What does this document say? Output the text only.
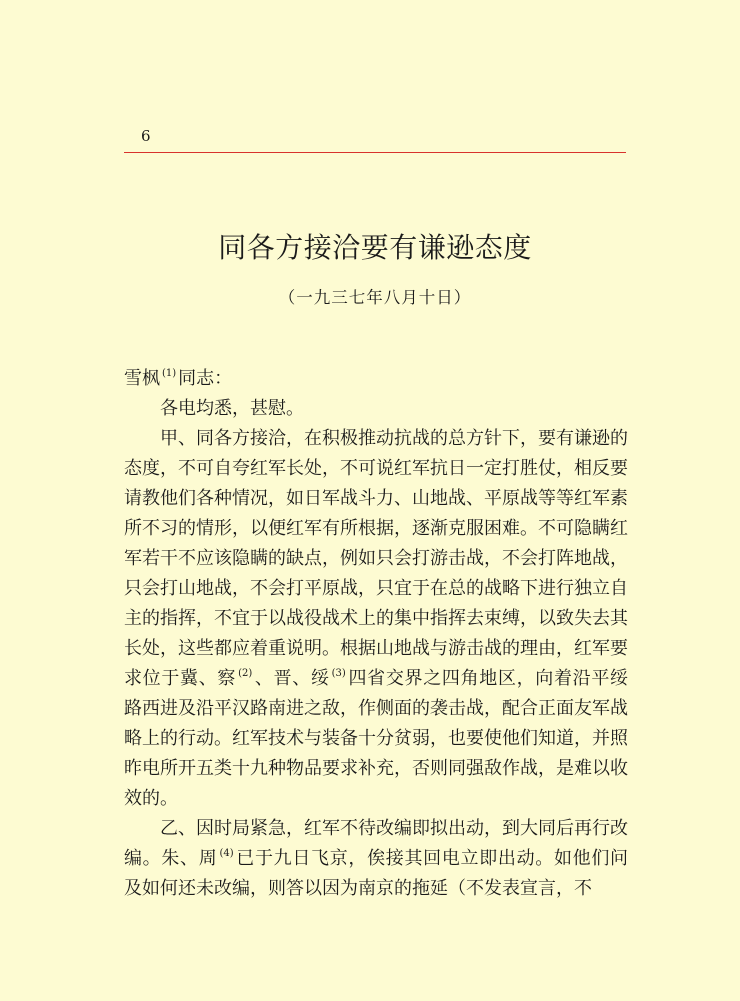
6
同各方接洽要有谦逊态度
（一九三七年八月十日）

雪枫 $^{(1)}$ 同志：

各电均悉，甚慰。

甲、同各方接洽，在积极推动抗战的总方针下，要有谦逊的态度，不可自夸红军长处，不可说红军抗日一定打胜仗，相反要请教他们各种情况，如日军战斗力、山地战、平原战等等红军素所不习的情形，以便红军有所根据，逐渐克服困难。不可隐瞒红军若干不应该隐瞒的缺点，例如只会打游击战，不会打阵地战，只会打山地战，不会打平原战，只宜于在总的战略下进行独立自主的指挥，不宜于以战役战术上的集中指挥去束缚，以致失去其长处，这些都应着重说明。根据山地战与游击战的理由，红军要求位于冀、察 $^{(2)}$ 、晋、绥 $^{(3)}$ 四省交界之四角地区，向着沿平绥路西进及沿平汉路南进之敌，作侧面的袭击战，配合正面友军战略上的行动。红军技术与装备十分贫弱，也要使他们知道，并照昨电所开五类十九种物品要求补充，否则同强敌作战，是难以收效的。

乙、因时局紧急，红军不待改编即拟出动，到大同后再行改编。朱、周 $^{(4)}$ 已于九日飞京，俟接其回电立即出动。如他们问及如何还未改编，则答以因为南京的拖延（不发表宣言，不
